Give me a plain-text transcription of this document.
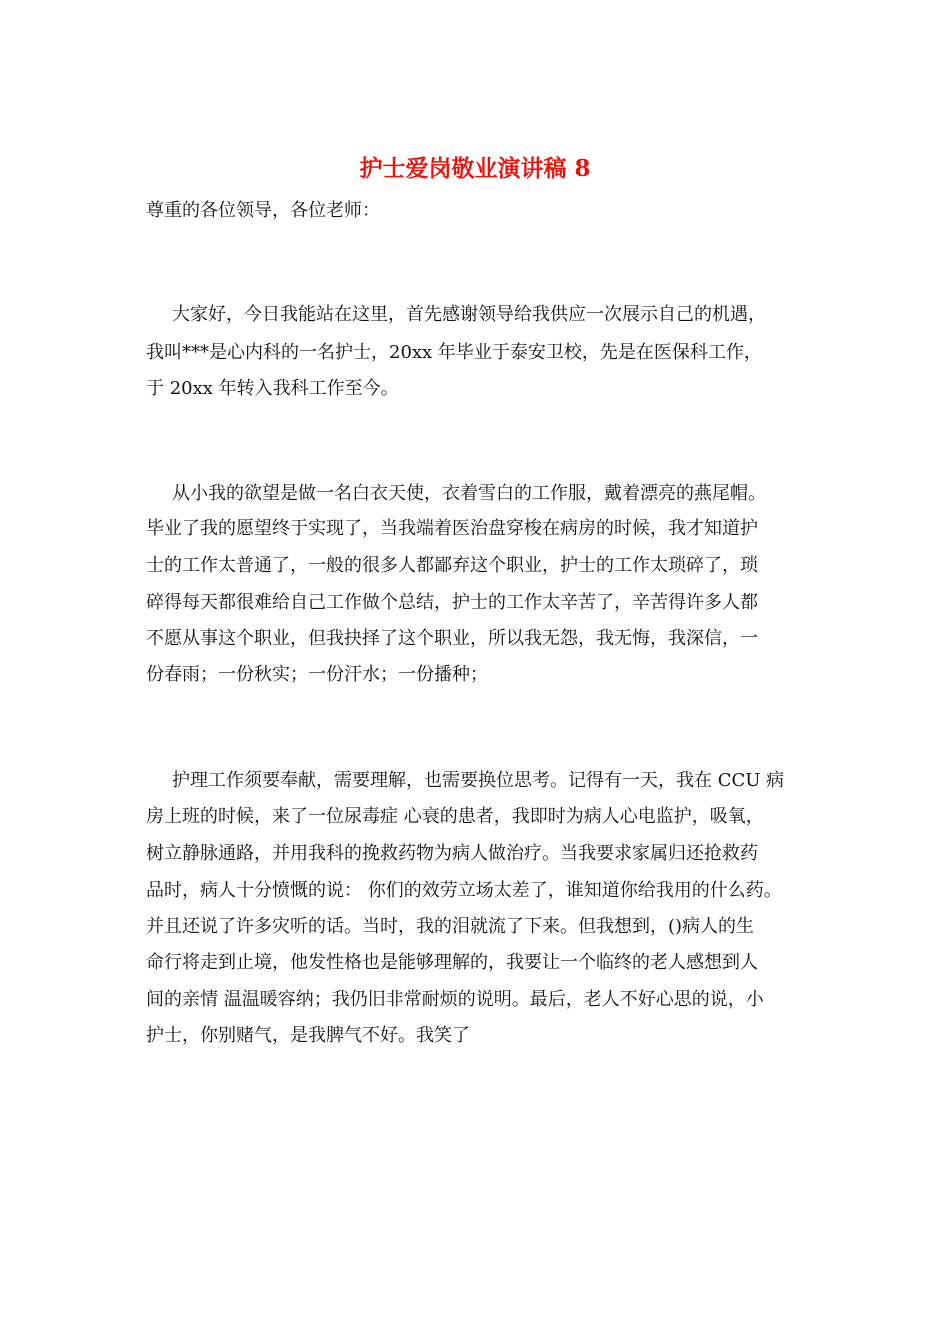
护士爱岗敬业演讲稿 8
尊重的各位领导，各位老师：
大家好，今日我能站在这里，首先感谢领导给我供应一次展示自己的机遇，
我叫***是心内科的一名护士，20xx 年毕业于泰安卫校，先是在医保科工作，
于 20xx 年转入我科工作至今。
从小我的欲望是做一名白衣天使，衣着雪白的工作服，戴着漂亮的燕尾帽。
毕业了我的愿望终于实现了，当我端着医治盘穿梭在病房的时候，我才知道护
士的工作太普通了，一般的很多人都鄙弃这个职业，护士的工作太琐碎了，琐
碎得每天都很难给自己工作做个总结，护士的工作太辛苦了，辛苦得许多人都
不愿从事这个职业，但我抉择了这个职业，所以我无怨，我无悔，我深信，一
份春雨；一份秋实；一份汗水；一份播种；
护理工作须要奉献，需要理解，也需要换位思考。记得有一天，我在 CCU 病
房上班的时候，来了一位尿毒症 心衰的患者，我即时为病人心电监护，吸氧，
树立静脉通路，并用我科的挽救药物为病人做治疗。当我要求家属归还抢救药
品时，病人十分愤慨的说： 你们的效劳立场太差了，谁知道你给我用的什么药。
并且还说了许多灾听的话。当时，我的泪就流了下来。但我想到，()病人的生
命行将走到止境，他发性格也是能够理解的，我要让一个临终的老人感想到人
间的亲情 温温暖容纳；我仍旧非常耐烦的说明。最后，老人不好心思的说，小
护士，你别赌气，是我脾气不好。我笑了
